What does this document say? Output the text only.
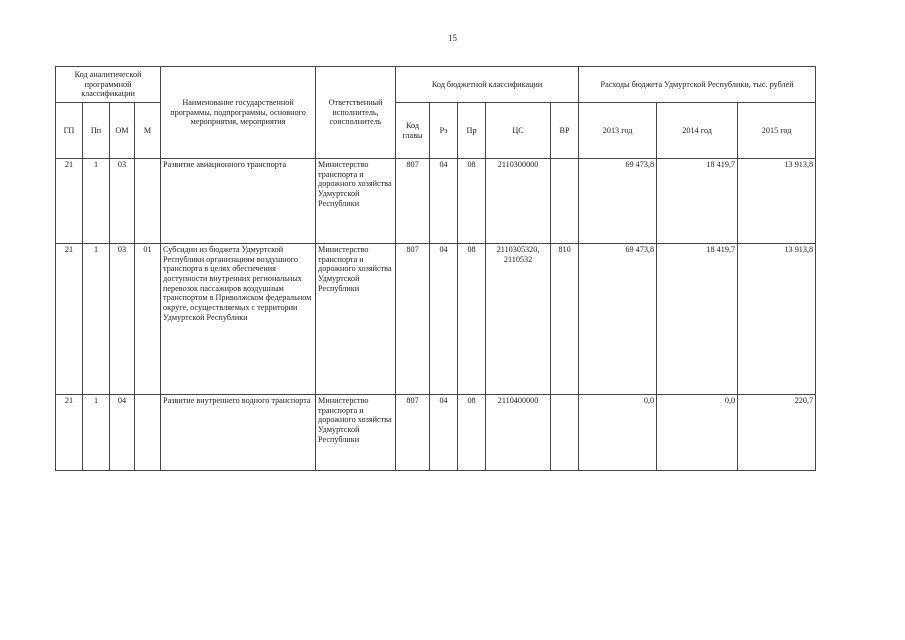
15
Код аналитической программной классификации				Наименование государственной программы, подпрограммы, основного мероприятия, мероприятия	Ответственный исполнитель, соисполнитель	Код бюджетной классификации					Расходы бюджета Удмуртской Республики, тыс. рублей		
ГП	Пп	ОМ	М			Код главы	Рз	Пр	ЦС	ВР	2013 год	2014 год	2015 год
21	1	03		Развитие авиационного транспорта	Министерство транспорта и дорожного хозяйства Удмуртской Республики	807	04	08	2110300000		69 473,8	18 419,7	13 913,8
21	1	03	01	Субсидии из бюджета Удмуртской Республики организациям воздушного транспорта в целях обеспечения доступности внутренних региональных перевозок пассажиров воздушным транспортом в Приволжском федеральном округе, осуществляемых с территории Удмуртской Республики	Министерство транспорта и дорожного хозяйства Удмуртской Республики	807	04	08	2110305320, 2110532	810	69 473,8	18 419,7	13 913,8
21	1	04		Развитие внутреннего водного транспорта	Министерство транспорта и дорожного хозяйства Удмуртской Республики	807	04	08	2110400000		0,0	0,0	220,7
